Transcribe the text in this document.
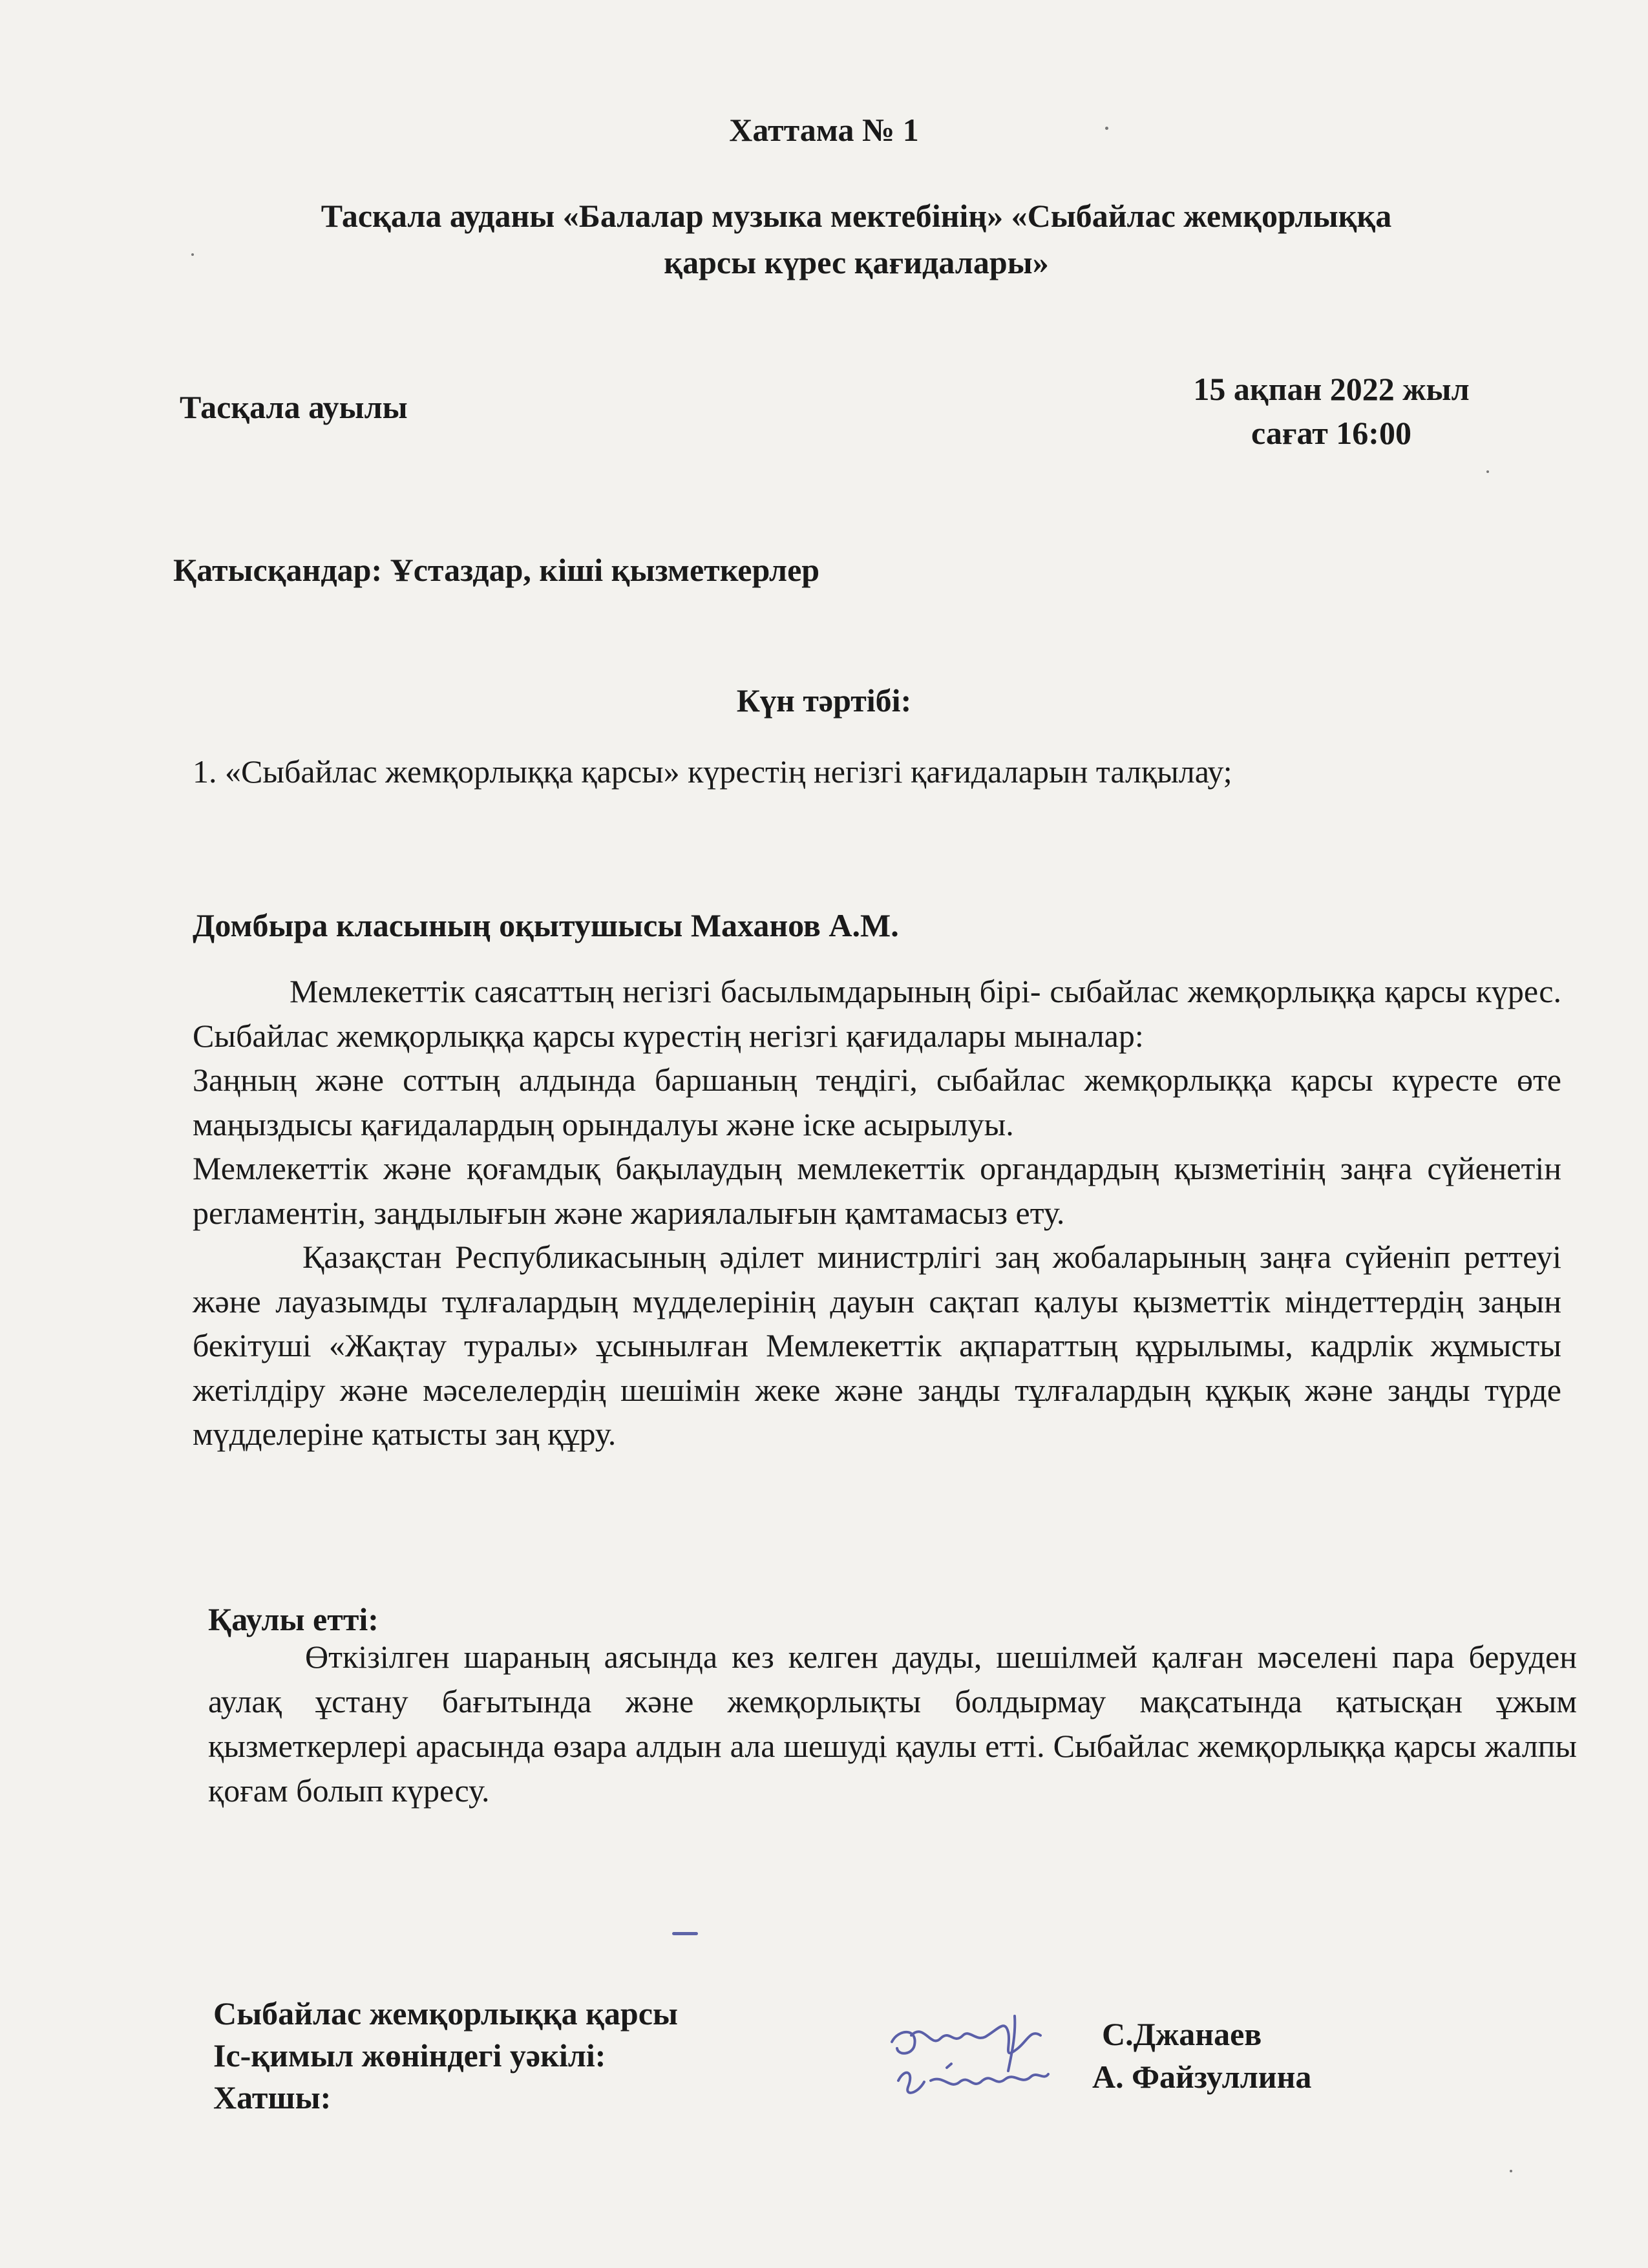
Хаттама № 1
Тасқала ауданы «Балалар музыка мектебінің» «Сыбайлас жемқорлыққа
қарсы күрес қағидалары»
Тасқала ауылы	15 ақпан 2022 жыл
сағат 16:00
Қатысқандар: Ұстаздар, кіші қызметкерлер
Күн тәртібі:
1. «Сыбайлас жемқорлыққа қарсы» күрестің негізгі қағидаларын талқылау;
Домбыра класының оқытушысы Маханов А.М.

Мемлекеттік саясаттың негізгі басылымдарының бірі- сыбайлас жемқорлыққа қарсы күрес. Сыбайлас жемқорлыққа қарсы күрестің негізгі қағидалары мыналар:

Заңның және соттың алдында баршаның теңдігі, сыбайлас жемқорлыққа қарсы күресте өте маңыздысы қағидалардың орындалуы және іске асырылуы.

Мемлекеттік және қоғамдық бақылаудың мемлекеттік органдардың қызметінің заңға сүйенетін регламентін, заңдылығын және жариялалығын қамтамасыз ету.

Қазақстан Республикасының әділет министрлігі заң жобаларының заңға сүйеніп реттеуі және лауазымды тұлғалардың мүдделерінің дауын сақтап қалуы қызметтік міндеттердің заңын бекітуші «Жақтау туралы» ұсынылған Мемлекеттік ақпараттың құрылымы, кадрлік жұмысты жетілдіру және мәселелердің шешімін жеке және заңды тұлғалардың құқық және заңды түрде мүдделеріне қатысты заң құру.

Қаулы етті:

Өткізілген шараның аясында кез келген дауды, шешілмей қалған мәселені пара беруден аулақ ұстану бағытында және жемқорлықты болдырмау мақсатында қатысқан ұжым қызметкерлері арасында өзара алдын ала шешуді қаулы етті. Сыбайлас жемқорлыққа қарсы жалпы қоғам болып күресу.

Сыбайлас жемқорлыққа қарсы
Іс-қимыл жөніндегі уәкілі:
Хатшы:
С.Джанаев
А. Файзуллина
